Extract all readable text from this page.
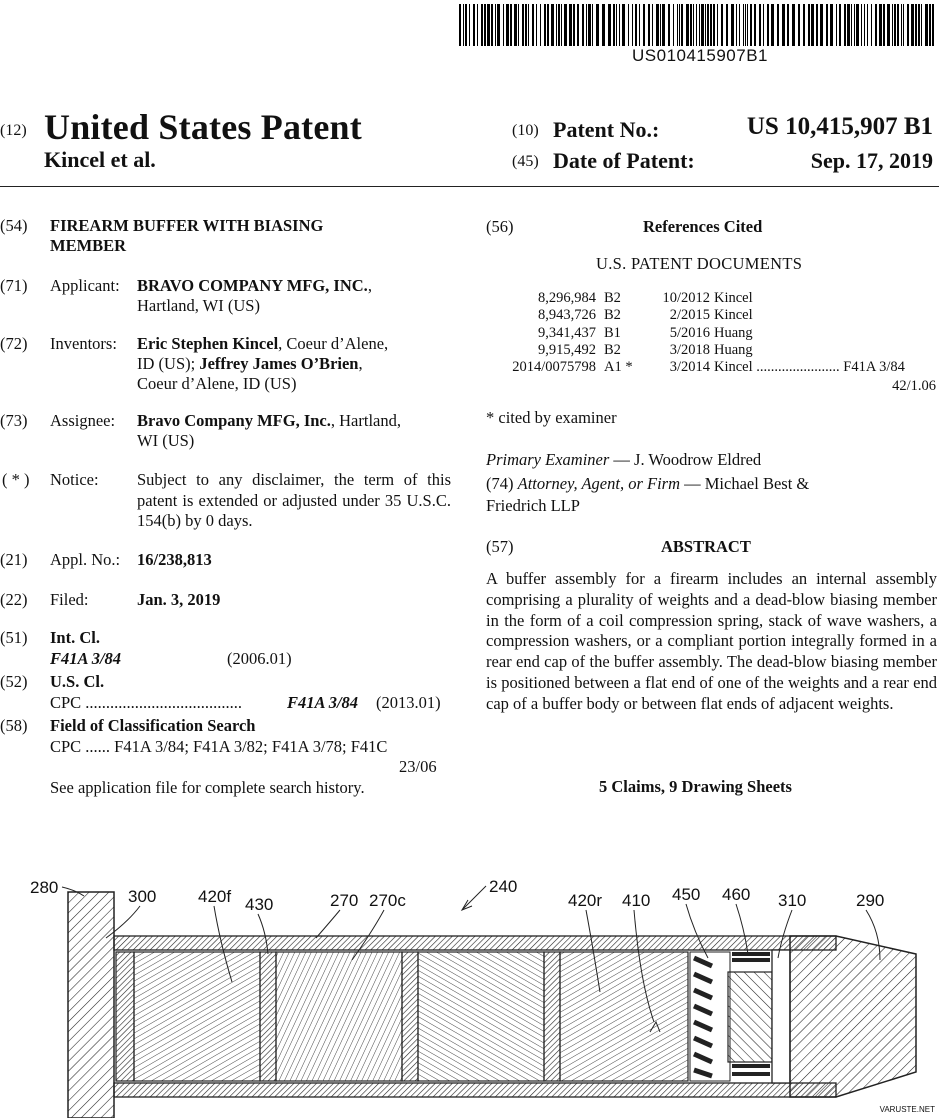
US010415907B1
(12) United States Patent
Kincel et al.
(10) Patent No.:	US 10,415,907 B1
(45) Date of Patent:	Sep. 17, 2019
(54)	FIREARM BUFFER WITH BIASING MEMBER
(71)	Applicant: BRAVO COMPANY MFG, INC.,
Hartland, WI (US)
(72)	Inventors: Eric Stephen Kincel, Coeur d’Alene,
ID (US); Jeffrey James O’Brien,
Coeur d’Alene, ID (US)
(73)	Assignee: Bravo Company MFG, Inc., Hartland,
WI (US)
( * )	Notice: Subject to any disclaimer, the term of this patent is extended or adjusted under 35 U.S.C. 154(b) by 0 days.
(21)	Appl. No.: 16/238,813
(22)	Filed:	Jan. 3, 2019
(51)	Int. Cl.
F41A 3/84	(2006.01)
(52)	U.S. Cl.
CPC ......................................	F41A 3/84 (2013.01)
(58)	Field of Classification Search
CPC ...... F41A 3/84; F41A 3/82; F41A 3/78; F41C
23/06
See application file for complete search history.
(56)	References Cited
U.S. PATENT DOCUMENTS
8,296,984 B2	10/2012 Kincel
8,943,726 B2	2/2015 Kincel
9,341,437 B1	5/2016 Huang
9,915,492 B2	3/2018 Huang
2014/0075798 A1 *	3/2014 Kincel ....................... F41A 3/84
42/1.06
* cited by examiner
Primary Examiner — J. Woodrow Eldred
(74) Attorney, Agent, or Firm — Michael Best &
Friedrich LLP
(57)	ABSTRACT
A buffer assembly for a firearm includes an internal assembly comprising a plurality of weights and a dead-blow biasing member in the form of a coil compression spring, stack of wave washers, a compression washers, or a compliant portion integrally formed in a rear end cap of the buffer assembly. The dead-blow biasing member is positioned between a flat end of one of the weights and a rear end cap of a buffer body or between flat ends of adjacent weights.
5 Claims, 9 Drawing Sheets
280	300 420f 430	270 270c
240
420r 410 450 460 310	290
VARUSTE.NET
